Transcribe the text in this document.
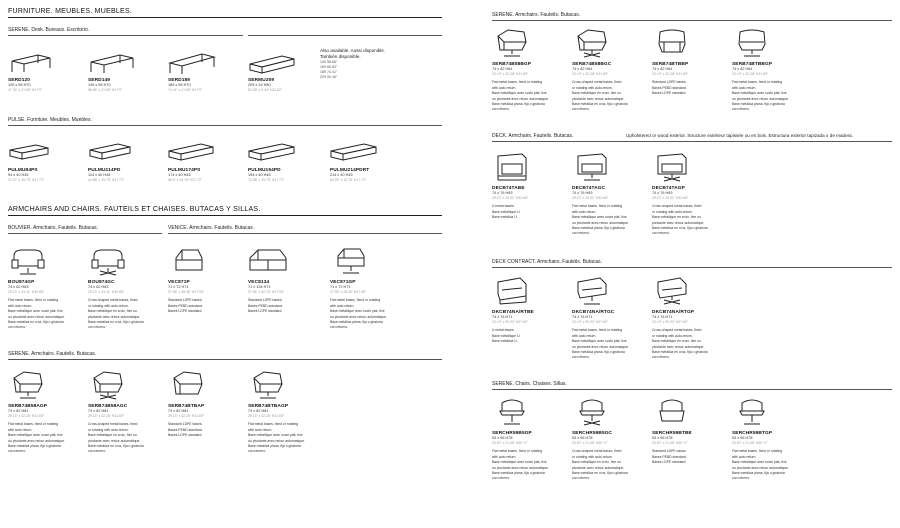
FURNITURE. MEUBLES. MUEBLES.
SERENE. Desk. Bureaux. Escritorio.
SERD120
120 x 55 H70
47.24" x 21.65" H27.5"
SERD149
149 x 55 H70
58.66" x 21.65" H27.5"
SERD189
189 x 55 H70
74.41" x 21.65" H27.5"
SERMU209
209 x 24 H80
82.28" x 9.44" H31.62"
Also available. Aussi disponible.
También disponible.
149 58.66"
169 66.53"
189 74.41"
229 90.16"
PULSE. Furniture. Meubles. Muebles.
PULMU94PS
94 x 40 H45
37.07" x 15.75" H17.72"
PULMU114PD
114 x 40 H45
44.88" x 15.75" H17.72"
PULMU174PS
174 x 40 H45
68.5" x 15.75" H17.72"
PULMU194PD
194 x 40 H45
76.38" x 15.75" H17.72"
PULMU214PDRT
214 x 40 H45
84.25" x 15.75" H17.72"
ARMCHAIRS AND CHAIRS. FAUTEILS ET CHAISES. BUTACAS Y SILLAS.
BOUVIER. Armchairs. Fauteils. Butacas.	VENICE. Armchairs. Fauteils. Butacas.
BOU874GP
74 x 62 H83
29.13" x 24.41" H32.68"
Flat metal bases, fixed or rotating
with auto return.
Base métallique avec socle plat, fixe
ou pivotante avec retour automatique.
Base metálica en cruz, fija o giratoria
con retorno.
BOU874GC
74 x 62 H83
29.13" x 24.41" H32.68"
Cross-shaped metal bases, fixed
or rotating with auto-return.
Base métallique en croix, fixe ou
pivotante avec retour automatique.
Base metálica en cruz, fija o giratoria
con retorno.
VEC871P
71 x 72 H71
27.95" x 28.35" H27.95"
Standard LDPE bases.
Bases PEBD standard.
Bases LDPE standard.
VEC8134
71 x 134 H71
27.95" x 52.76" H27.95"
Standard LDPE bases.
Bases PEBD standard.
Bases LDPE standard.
VEC871GP
71 x 72 H71
27.95" x 28.35" H27.95"
Flat metal bases, fixed or rotating
with auto return.
Base métallique avec socle plat, fixe
ou pivotante avec retour automatique.
Base metálica plana, fija o giratoria
con retorno.
SERENE. Armchairs. Fauteils. Butacas.
SERB74B58AGP
74 x 82 H81
29.13" x 32.28" H31.89"
Flat metal bases, fixed or rotating
with auto return.
Base métallique avec socle plat, fixe
ou pivotante avec retour automatique.
Base metálica plana, fija o giratoria
con retorno.
SERB74B58AGC
74 x 82 H81
29.13" x 32.28" H31.89"
Cross-shaped metal bases, fixed
or rotating with auto-return.
Base métallique en croix, fixe ou
pivotante avec retour automatique.
Base metálica en cruz, fija o giratoria
con retorno.
SERB74BTBAP
74 x 82 H81
29.13" x 32.28" H31.89"
Standard LDPE bases.
Bases PEBD standard.
Bases LDPE standard.
SERB74BTBAGP
74 x 82 H81
29.13" x 32.28" H31.89"
Flat metal bases, fixed or rotating
with auto return.
Base métallique avec socle plat, fixe
ou pivotante avec retour automatique.
Base metálica plana, fija o giratoria
con retorno.
SERENE. Armchairs. Fauteils. Butacas.
SERB74B58BGP
74 x 82 H81
29.13" x 32.28" H31.89"
Flat metal bases, fixed or rotating
with auto return.
Base métallique avec socle plat, fixe
ou pivotante avec retour automatique.
Base metálica plana, fija o giratoria
con retorno.
SERB74B58BGC
74 x 82 H81
29.13" x 32.28" H31.89"
Cross-shaped metal bases, fixed
or rotating with auto-return.
Base métallique en croix, fixe ou
pivotante avec retour automatique.
Base metálica en cruz, fija o giratoria
con retorno.
SERB74BTBBP
74 x 82 H81
29.13" x 32.28" H31.89"
Standard LDPE bases.
Bases PEBD standard.
Bases LDPE standard.
SERB74BTBBGP
74 x 82 H81
29.13" x 32.28" H31.89"
Flat metal bases, fixed or rotating
with auto return.
Base métallique avec socle plat, fixe
ou pivotante avec retour automatique.
Base metálica plana, fija o giratoria
con retorno.
DECK. Armchairs. Fauteils. Butacas.	Upholstered or wood exterior. Structure extérieur tapissée ou en bois. Estructura exterior tapizada o de madera.
DECB74TABE
74 x 76 H83
29.13" x 29.92" H32.68"
U metal bases.
Base métallique U.
Base metálica U.
DECB74TAGC
74 x 76 H83
29.13" x 29.92" H32.68"
Flat metal bases, fixed or rotating
with auto return.
Base métallique avec socle plat, fixe
ou pivotante avec retour automatique.
Base metálica plana, fija o giratoria
con retorno.
DECB74TAGP
74 x 76 H83
29.13" x 29.92" H32.68"
Cross-shaped metal bases, fixed
or rotating with auto-return.
Base métallique en croix, fixe ou
pivotante avec retour automatique.
Base metálica en cruz, fija o giratoria
con retorno.
DECK CONTRACT. Armchairs. Fauteils. Butacas.
DKCB74NA/RTBE
74 x 76 H71
29.13" x 29.92" H27.95"
U metal bases.
Base métallique U.
Base metálica U.
DKCB74NA/RTGC
74 x 76 H71
29.13" x 29.92" H27.95"
Flat metal bases, fixed or rotating
with auto return.
Base métallique avec socle plat, fixe
ou pivotante avec retour automatique.
Base metálica plana, fija o giratoria
con retorno.
DKCB74NA/RTGP
74 x 76 H71
29.13" x 29.92" H27.95"
Cross-shaped metal bases, fixed
or rotating with auto-return.
Base métallique en croix, fixe ou
pivotante avec retour automatique.
Base metálica en cruz, fija o giratoria
con retorno.
SERENE. Chairs. Chaises. Sillas.
SERCHR59B5GP
53 x 55 H78
20.87" x 21.65" H30.71"
Flat metal bases, fixed or rotating
with auto return.
Base métallique avec socle plat, fixe
ou pivotante avec retour automatique.
Base metálica plana, fija o giratoria
con retorno.
SERCHR59B5GC
53 x 55 H78
20.87" x 21.65" H30.71"
Cross-shaped metal bases, fixed
or rotating with auto-return.
Base métallique en croix, fixe ou
pivotante avec retour automatique.
Base metálica en cruz, fija o giratoria
con retorno.
SERCHR59BTBE
53 x 55 H78
20.87" x 21.65" H30.71"
Standard LDPE bases.
Bases PEBD standard.
Bases LDPE standard.
SERCHR59BTGP
53 x 55 H78
20.87" x 21.65" H30.71"
Flat metal bases, fixed or rotating
with auto return.
Base métallique avec socle plat, fixe
ou pivotante avec retour automatique.
Base metálica plana, fija o giratoria
con retorno.
